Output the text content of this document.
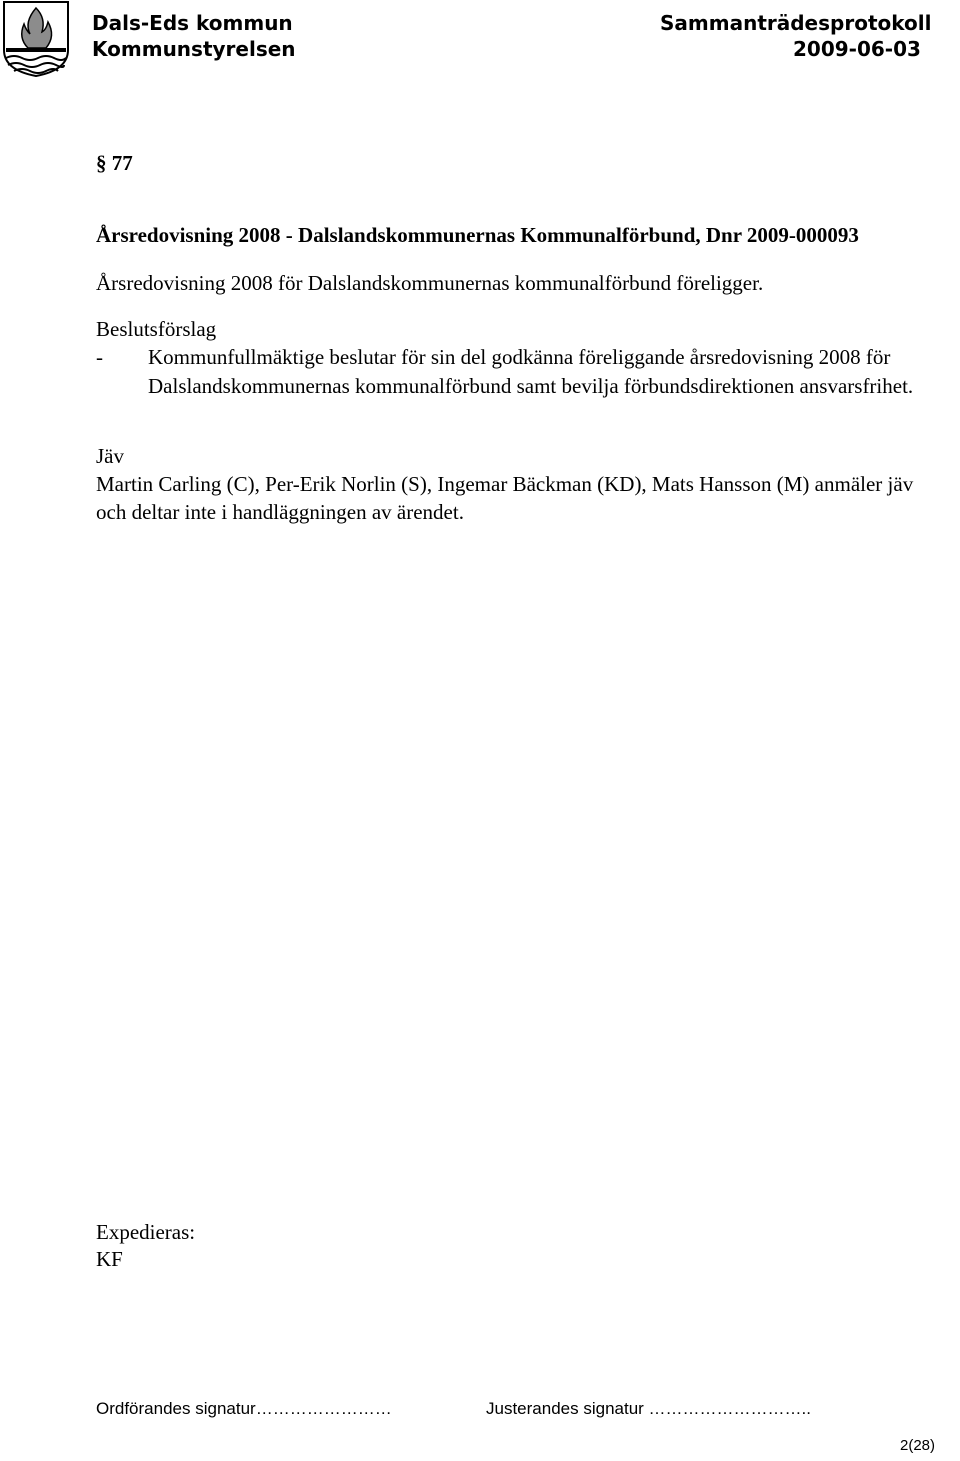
Dals-Eds kommun
Kommunstyrelsen
Sammanträdesprotokoll
2009-06-03

§ 77

Årsredovisning 2008 - Dalslandskommunernas Kommunalförbund, Dnr 2009-000093

Årsredovisning 2008 för Dalslandskommunernas kommunalförbund föreligger.

Beslutsförslag

-	Kommunfullmäktige beslutar för sin del godkänna föreliggande årsredovisning 2008 för Dalslandskommunernas kommunalförbund samt bevilja förbundsdirektionen ansvarsfrihet.

Jäv

Martin Carling (C), Per-Erik Norlin (S), Ingemar Bäckman (KD), Mats Hansson (M) anmäler jäv och deltar inte i handläggningen av ärendet.

Expedieras:
KF
Ordförandes signatur……………………	Justerandes signatur ………………………..
2(28)
